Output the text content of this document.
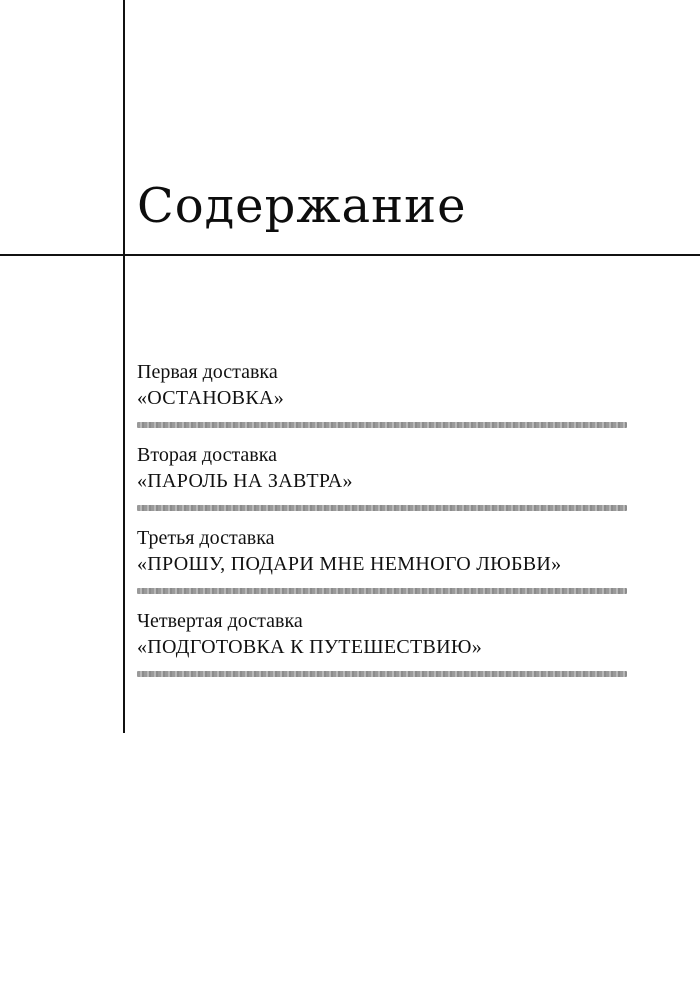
Содержание
Первая доставка
«ОСТАНОВКА»
Вторая доставка
«ПАРОЛЬ НА ЗАВТРА»
Третья доставка
«ПРОШУ, ПОДАРИ МНЕ НЕМНОГО ЛЮБВИ»
Четвертая доставка
«ПОДГОТОВКА К ПУТЕШЕСТВИЮ»
